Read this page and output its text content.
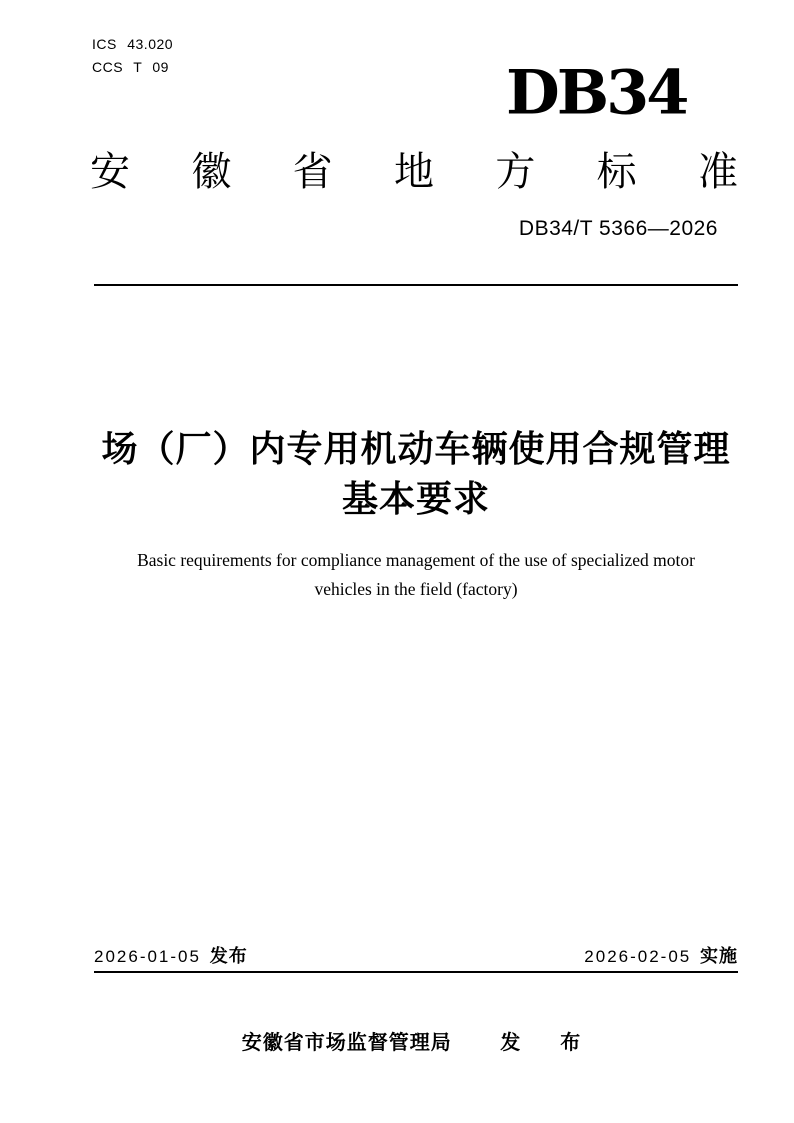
ICS 43.020
CCS T 09	DB34
安 徽 省 地 方 标 准
DB34/T 5366—2026
场（厂）内专用机动车辆使用合规管理
基本要求
Basic requirements for compliance management of the use of specialized motor
vehicles in the field (factory)
2026-01-05 发布	2026-02-05 实施
安徽省市场监督管理局 发　布
